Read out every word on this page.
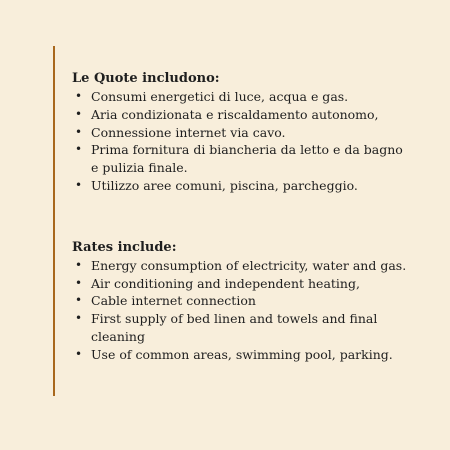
Le Quote includono:

• Consumi energetici di luce, acqua e gas.
• Aria condizionata e riscaldamento autonomo,
• Connessione internet via cavo.
• Prima fornitura di biancheria da letto e da bagno e pulizia finale.
• Utilizzo aree comuni, piscina, parcheggio.

Rates include:

• Energy consumption of electricity, water and gas.
• Air conditioning and independent heating,
• Cable internet connection
• First supply of bed linen and towels and final cleaning
• Use of common areas, swimming pool, parking.
